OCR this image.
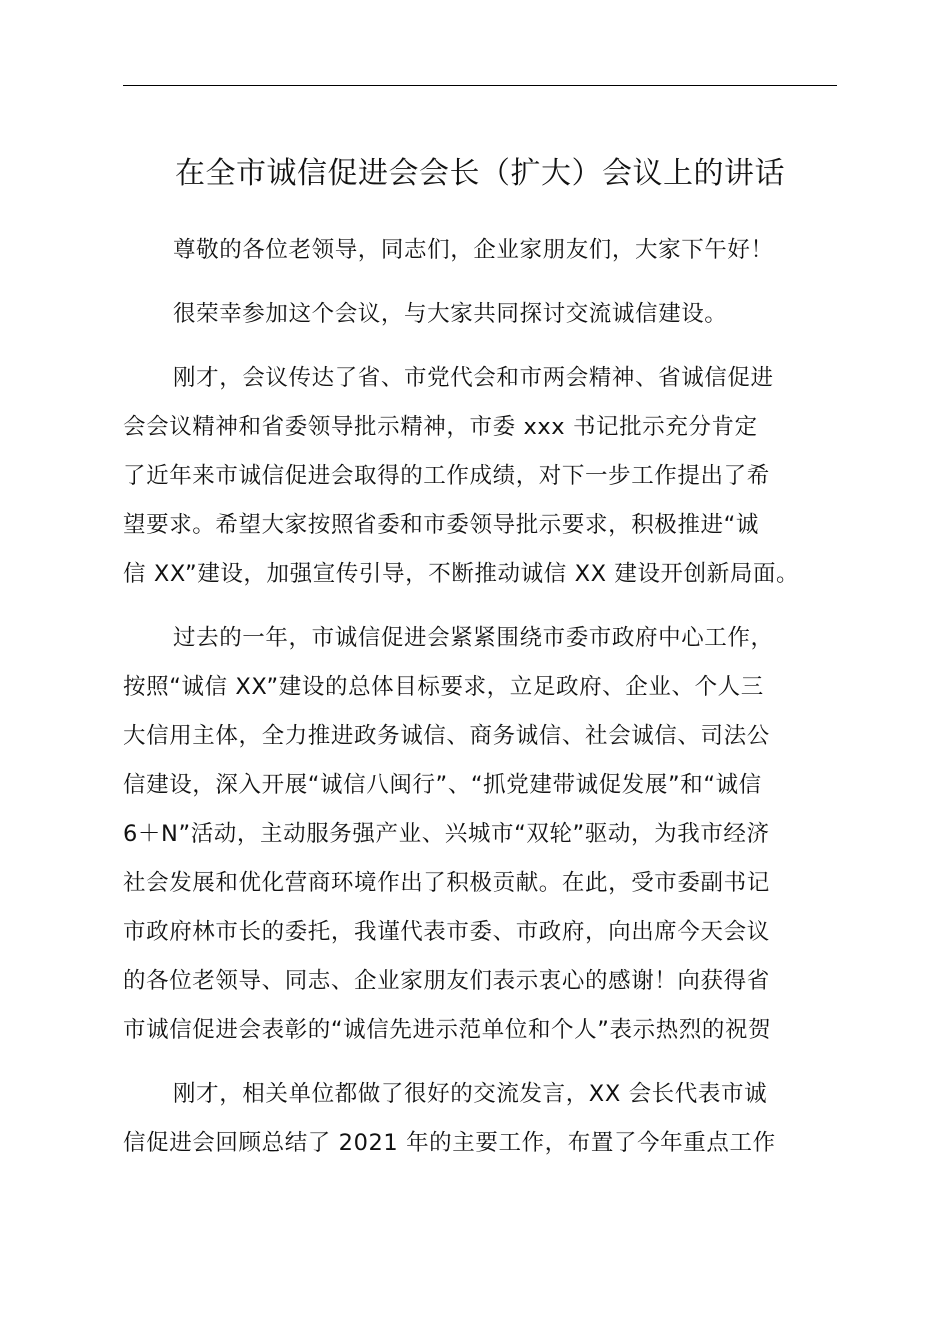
在全市诚信促进会会长（扩大）会议上的讲话

尊敬的各位老领导，同志们，企业家朋友们，大家下午好！

很荣幸参加这个会议，与大家共同探讨交流诚信建设。

刚才，会议传达了省、市党代会和市两会精神、省诚信促进
会会议精神和省委领导批示精神，市委 xxx 书记批示充分肯定
了近年来市诚信促进会取得的工作成绩，对下一步工作提出了希
望要求。希望大家按照省委和市委领导批示要求，积极推进“诚
信 XX”建设，加强宣传引导，不断推动诚信 XX 建设开创新局面。

过去的一年，市诚信促进会紧紧围绕市委市政府中心工作，
按照“诚信 XX”建设的总体目标要求，立足政府、企业、个人三
大信用主体，全力推进政务诚信、商务诚信、社会诚信、司法公
信建设，深入开展“诚信八闽行”、“抓党建带诚促发展”和“诚信
6＋N”活动，主动服务强产业、兴城市“双轮”驱动，为我市经济
社会发展和优化营商环境作出了积极贡献。在此，受市委副书记
市政府林市长的委托，我谨代表市委、市政府，向出席今天会议
的各位老领导、同志、企业家朋友们表示衷心的感谢！向获得省
市诚信促进会表彰的“诚信先进示范单位和个人”表示热烈的祝贺

刚才，相关单位都做了很好的交流发言，XX 会长代表市诚
信促进会回顾总结了 2021 年的主要工作，布置了今年重点工作
